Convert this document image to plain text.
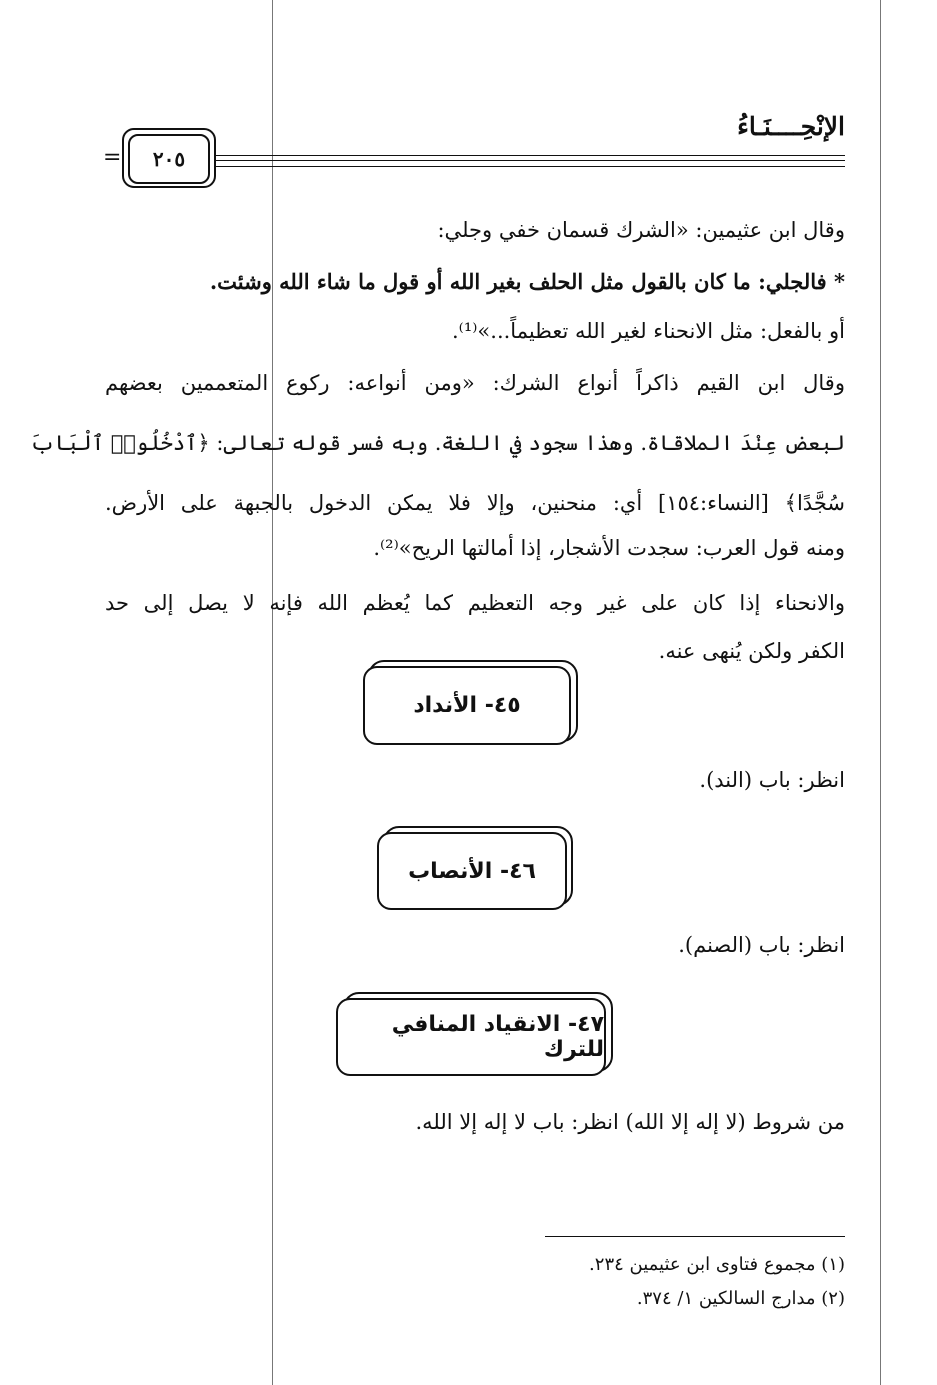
الإنْحِــــنَـاءُ
=	٢٠٥
وقال ابن عثيمين: «الشرك قسمان خفي وجلي:
* فالجلي: ما كان بالقول مثل الحلف بغير الله أو قول ما شاء الله وشئت.
أو بالفعل: مثل الانحناء لغير الله تعظيماً...»⁽¹⁾.
وقال ابن القيم ذاكراً أنواع الشرك: «ومن أنواعه: ركوع المتعممين بعضهم
لبعض عِنْدَ الملاقاة. وهذا سجود في اللغة. وبه فسر قوله تعالى: ﴿ٱدْخُلُوا۟ ٱلْبَابَ
سُجَّدًا﴾ [النساء:١٥٤] أي: منحنين، وإلا فلا يمكن الدخول بالجبهة على الأرض.
ومنه قول العرب: سجدت الأشجار، إذا أمالتها الريح»⁽²⁾.
والانحناء إذا كان على غير وجه التعظيم كما يُعظم الله فإنه لا يصل إلى حد
الكفر ولكن يُنهى عنه.
٤٥- الأنداد
انظر: باب (الند).
٤٦- الأنصاب
انظر: باب (الصنم).
٤٧- الانقياد المنافي للترك
من شروط (لا إله إلا الله) انظر: باب لا إله إلا الله.
(١) مجموع فتاوى ابن عثيمين ٢٣٤.
(٢) مدارج السالكين ١/ ٣٧٤.
